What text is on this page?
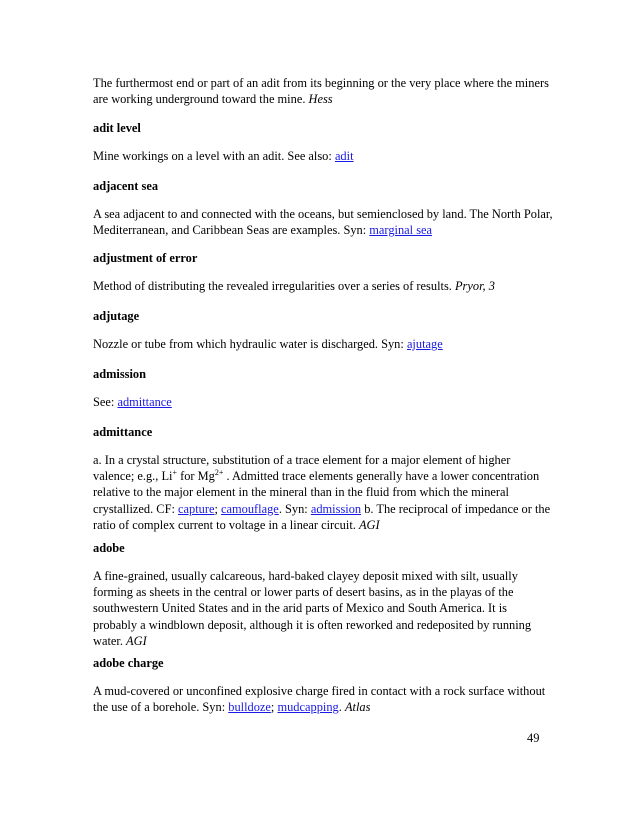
The furthermost end or part of an adit from its beginning or the very place where the miners are working underground toward the mine. Hess

adit level

Mine workings on a level with an adit. See also: adit

adjacent sea

A sea adjacent to and connected with the oceans, but semienclosed by land. The North Polar, Mediterranean, and Caribbean Seas are examples. Syn: marginal sea

adjustment of error

Method of distributing the revealed irregularities over a series of results. Pryor, 3

adjutage

Nozzle or tube from which hydraulic water is discharged. Syn: ajutage

admission

See: admittance

admittance

a. In a crystal structure, substitution of a trace element for a major element of higher valence; e.g., Li+ for $Mg^{2+}$ . Admitted trace elements generally have a lower concentration relative to the major element in the mineral than in the fluid from which the mineral crystallized. CF: capture; camouflage. Syn: admission b. The reciprocal of impedance or the ratio of complex current to voltage in a linear circuit. AGI

adobe

A fine-grained, usually calcareous, hard-baked clayey deposit mixed with silt, usually forming as sheets in the central or lower parts of desert basins, as in the playas of the southwestern United States and in the arid parts of Mexico and South America. It is probably a windblown deposit, although it is often reworked and redeposited by running water. AGI

adobe charge

A mud-covered or unconfined explosive charge fired in contact with a rock surface without the use of a borehole. Syn: bulldoze; mudcapping. Atlas

49
